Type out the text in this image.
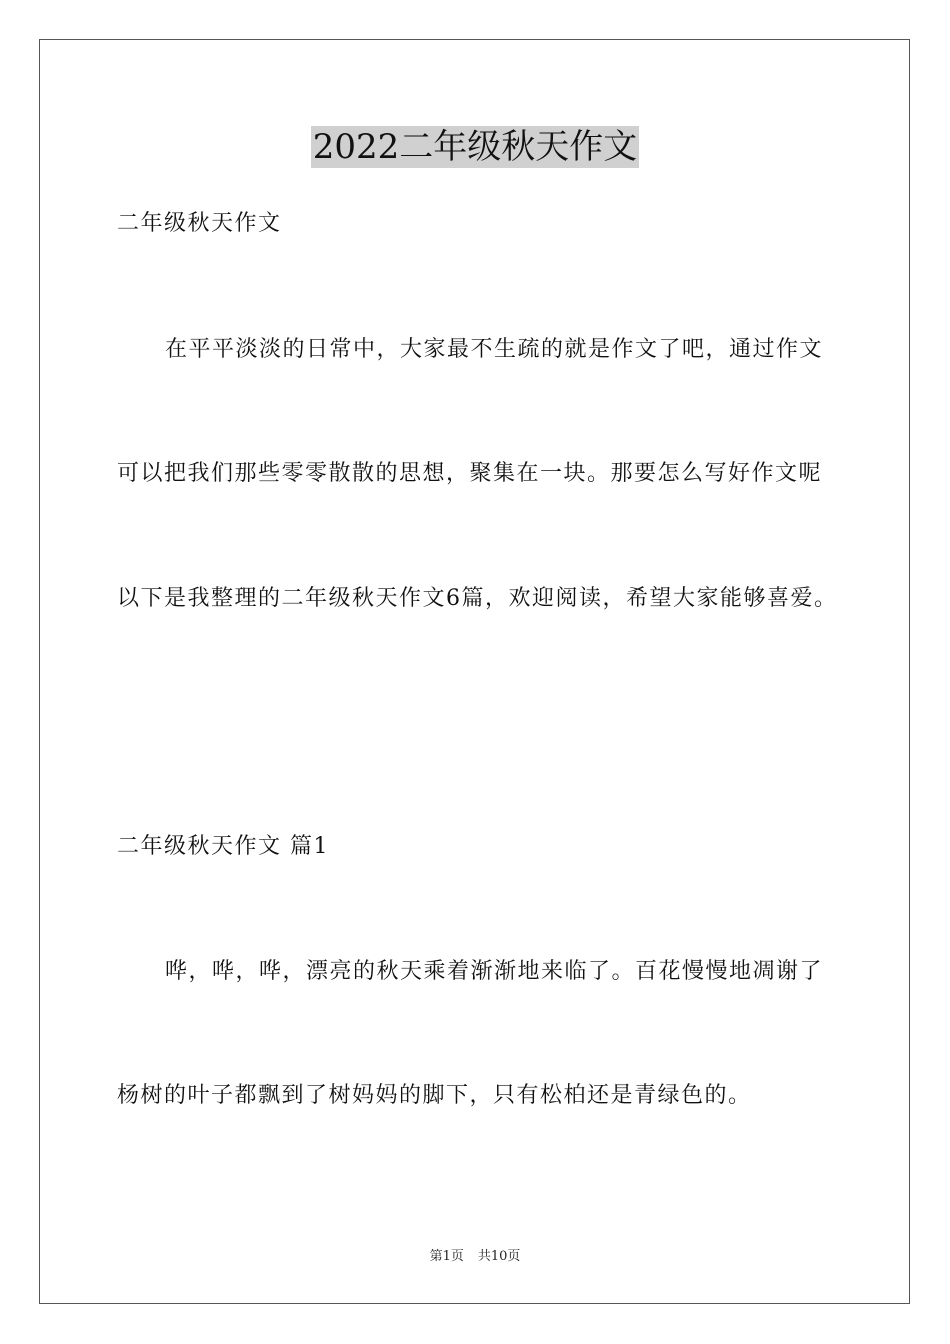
2022二年级秋天作文

二年级秋天作文

在平平淡淡的日常中，大家最不生疏的就是作文了吧，通过作文

可以把我们那些零零散散的思想，聚集在一块。那要怎么写好作文呢

以下是我整理的二年级秋天作文6篇，欢迎阅读，希望大家能够喜爱。

二年级秋天作文 篇1

哗，哗，哗，漂亮的秋天乘着渐渐地来临了。百花慢慢地凋谢了

杨树的叶子都飘到了树妈妈的脚下，只有松柏还是青绿色的。

第1页 共10页
